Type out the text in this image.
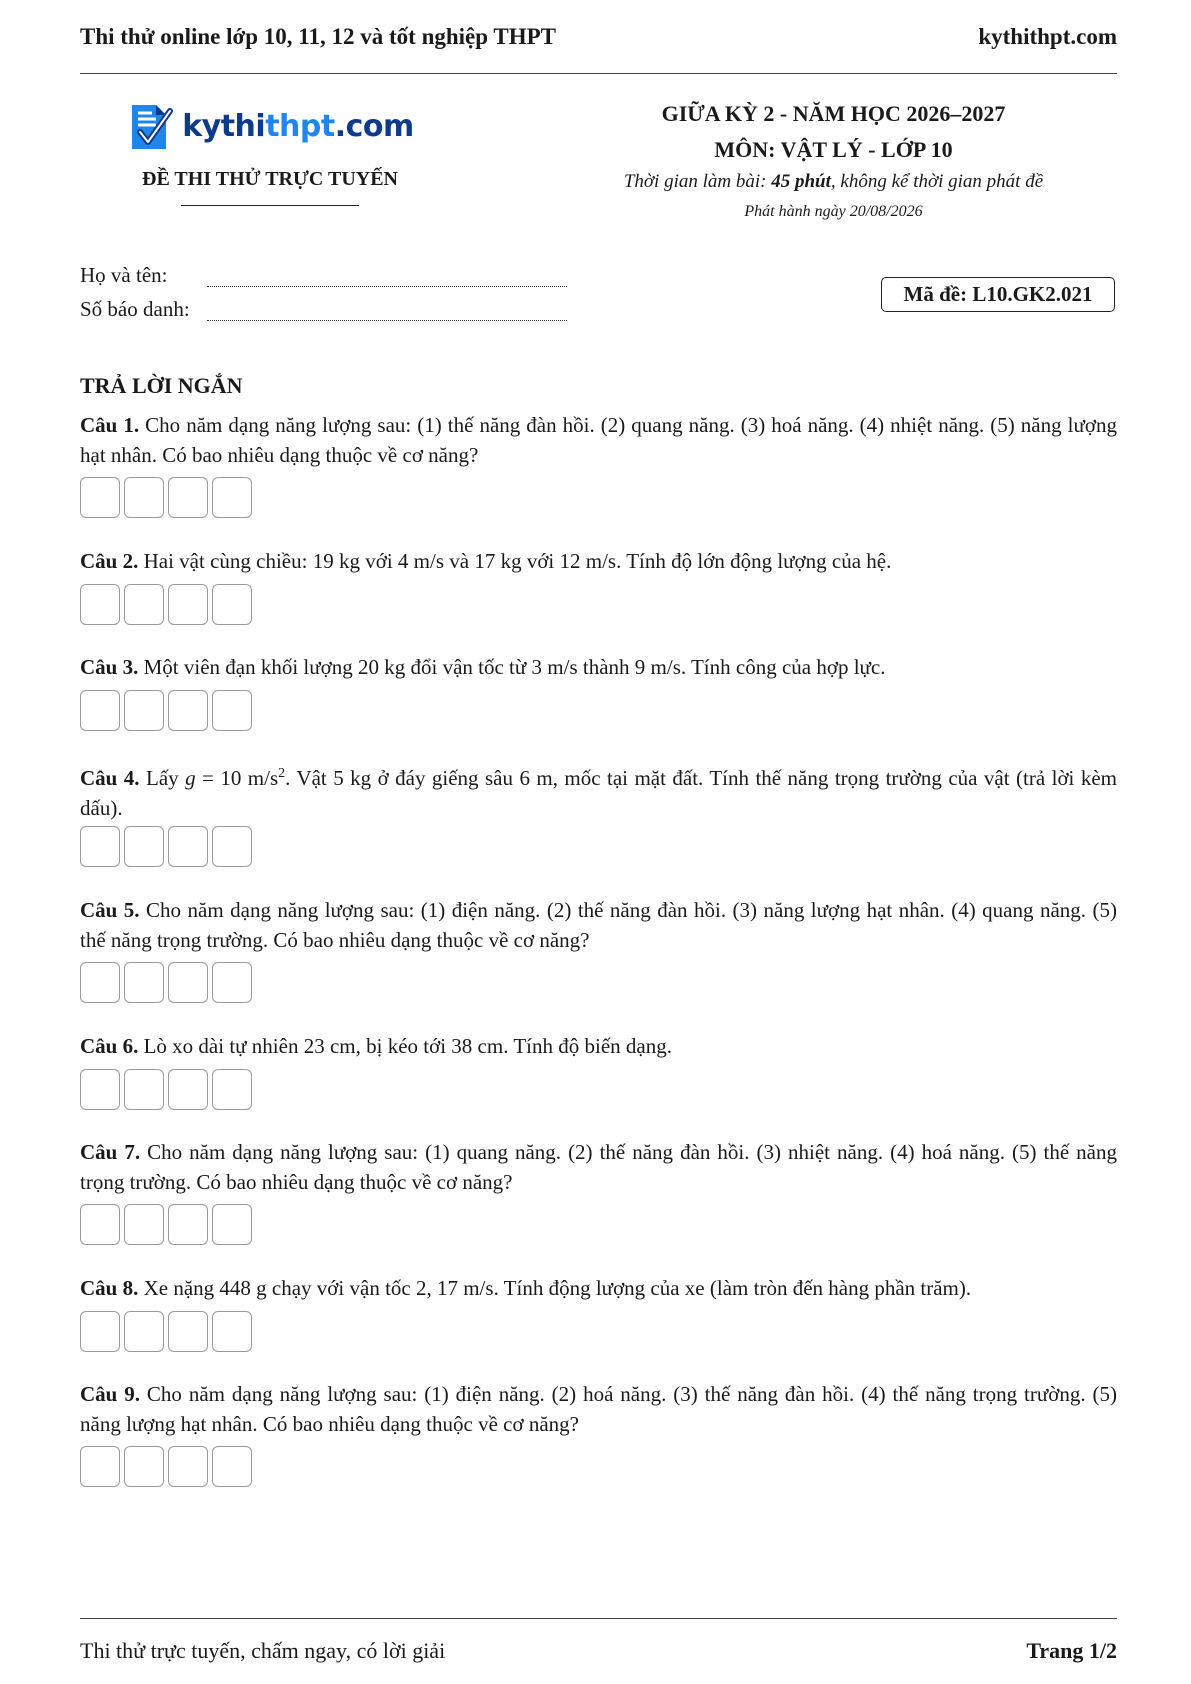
Thi thử online lớp 10, 11, 12 và tốt nghiệp THPT	kythithpt.com
kythithpt.com
ĐỀ THI THỬ TRỰC TUYẾN
GIỮA KỲ 2 - NĂM HỌC 2026–2027
MÔN: VẬT LÝ - LỚP 10
Thời gian làm bài: 45 phút, không kể thời gian phát đề
Phát hành ngày 20/08/2026
Họ và tên:
Số báo danh:
Mã đề: L10.GK2.021
TRẢ LỜI NGẮN
Câu 1. Cho năm dạng năng lượng sau: (1) thế năng đàn hồi. (2) quang năng. (3) hoá năng. (4) nhiệt năng. (5) năng lượng hạt nhân. Có bao nhiêu dạng thuộc về cơ năng?
Câu 2. Hai vật cùng chiều: 19 kg với 4 m/s và 17 kg với 12 m/s. Tính độ lớn động lượng của hệ.
Câu 3. Một viên đạn khối lượng 20 kg đổi vận tốc từ 3 m/s thành 9 m/s. Tính công của hợp lực.
Câu 4. Lấy g = 10 $m/s^2$. Vật 5 kg ở đáy giếng sâu 6 m, mốc tại mặt đất. Tính thế năng trọng trường của vật (trả lời kèm dấu).
Câu 5. Cho năm dạng năng lượng sau: (1) điện năng. (2) thế năng đàn hồi. (3) năng lượng hạt nhân. (4) quang năng. (5) thế năng trọng trường. Có bao nhiêu dạng thuộc về cơ năng?
Câu 6. Lò xo dài tự nhiên 23 cm, bị kéo tới 38 cm. Tính độ biến dạng.
Câu 7. Cho năm dạng năng lượng sau: (1) quang năng. (2) thế năng đàn hồi. (3) nhiệt năng. (4) hoá năng. (5) thế năng trọng trường. Có bao nhiêu dạng thuộc về cơ năng?
Câu 8. Xe nặng 448 g chạy với vận tốc 2, 17 m/s. Tính động lượng của xe (làm tròn đến hàng phần trăm).
Câu 9. Cho năm dạng năng lượng sau: (1) điện năng. (2) hoá năng. (3) thế năng đàn hồi. (4) thế năng trọng trường. (5) năng lượng hạt nhân. Có bao nhiêu dạng thuộc về cơ năng?
Thi thử trực tuyến, chấm ngay, có lời giải	Trang 1/2
